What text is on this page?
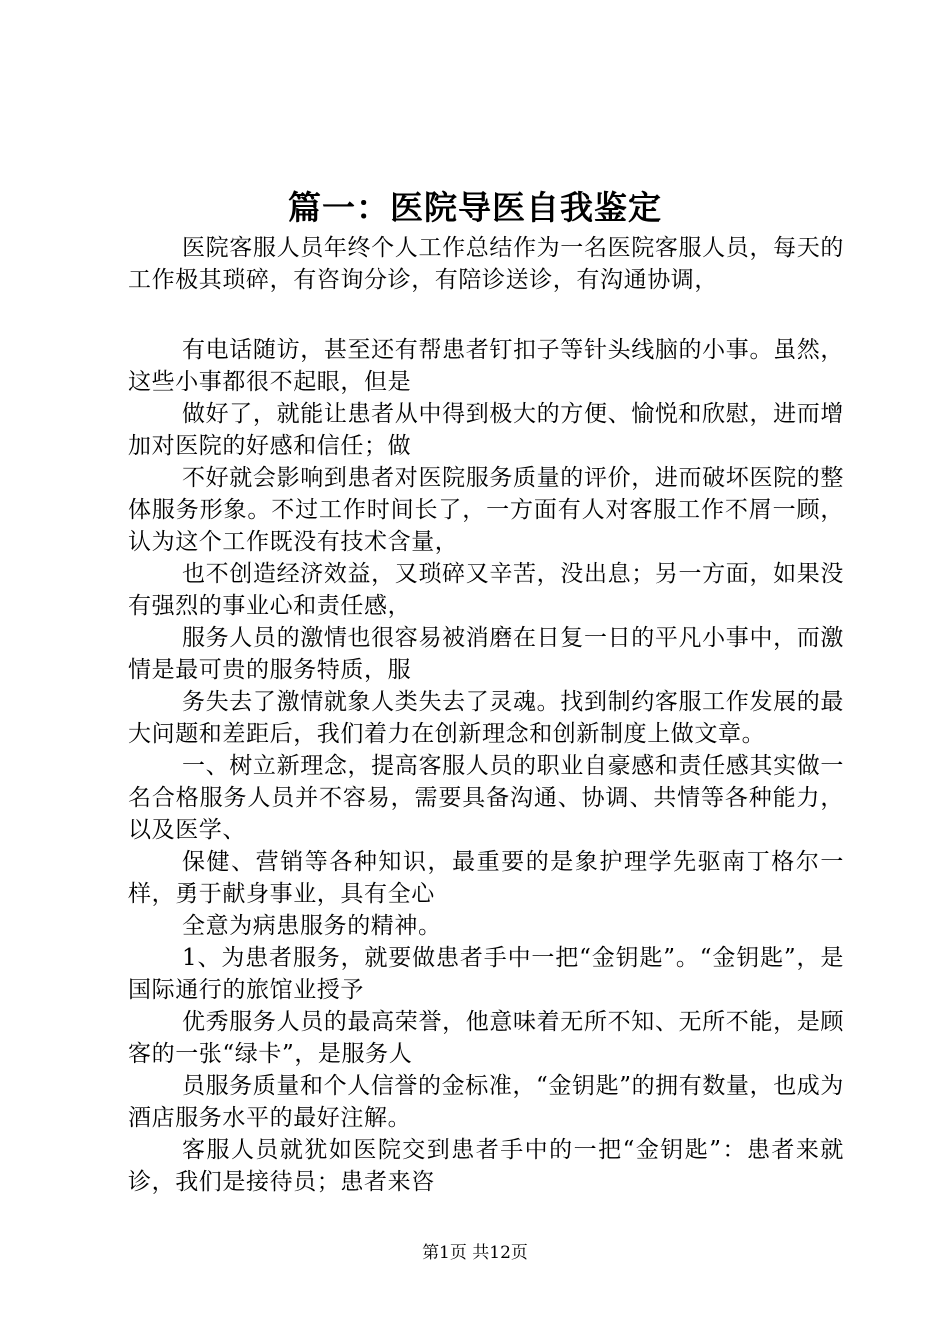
篇一：医院导医自我鉴定

医院客服人员年终个人工作总结作为一名医院客服人员，每天的工作极其琐碎，有咨询分诊，有陪诊送诊，有沟通协调，

有电话随访，甚至还有帮患者钉扣子等针头线脑的小事。虽然，这些小事都很不起眼，但是

做好了，就能让患者从中得到极大的方便、愉悦和欣慰，进而增加对医院的好感和信任；做

不好就会影响到患者对医院服务质量的评价，进而破坏医院的整体服务形象。不过工作时间长了，一方面有人对客服工作不屑一顾，认为这个工作既没有技术含量，

也不创造经济效益，又琐碎又辛苦，没出息；另一方面，如果没有强烈的事业心和责任感，

服务人员的激情也很容易被消磨在日复一日的平凡小事中，而激情是最可贵的服务特质，服

务失去了激情就象人类失去了灵魂。找到制约客服工作发展的最大问题和差距后，我们着力在创新理念和创新制度上做文章。

一、树立新理念，提高客服人员的职业自豪感和责任感其实做一名合格服务人员并不容易，需要具备沟通、协调、共情等各种能力，以及医学、

保健、营销等各种知识，最重要的是象护理学先驱南丁格尔一样，勇于献身事业，具有全心

全意为病患服务的精神。

1、为患者服务，就要做患者手中一把“金钥匙”。“金钥匙”，是国际通行的旅馆业授予

优秀服务人员的最高荣誉，他意味着无所不知、无所不能，是顾客的一张“绿卡”，是服务人

员服务质量和个人信誉的金标准，“金钥匙”的拥有数量，也成为酒店服务水平的最好注解。

客服人员就犹如医院交到患者手中的一把“金钥匙”：患者来就诊，我们是接待员；患者来咨

第1页 共12页
